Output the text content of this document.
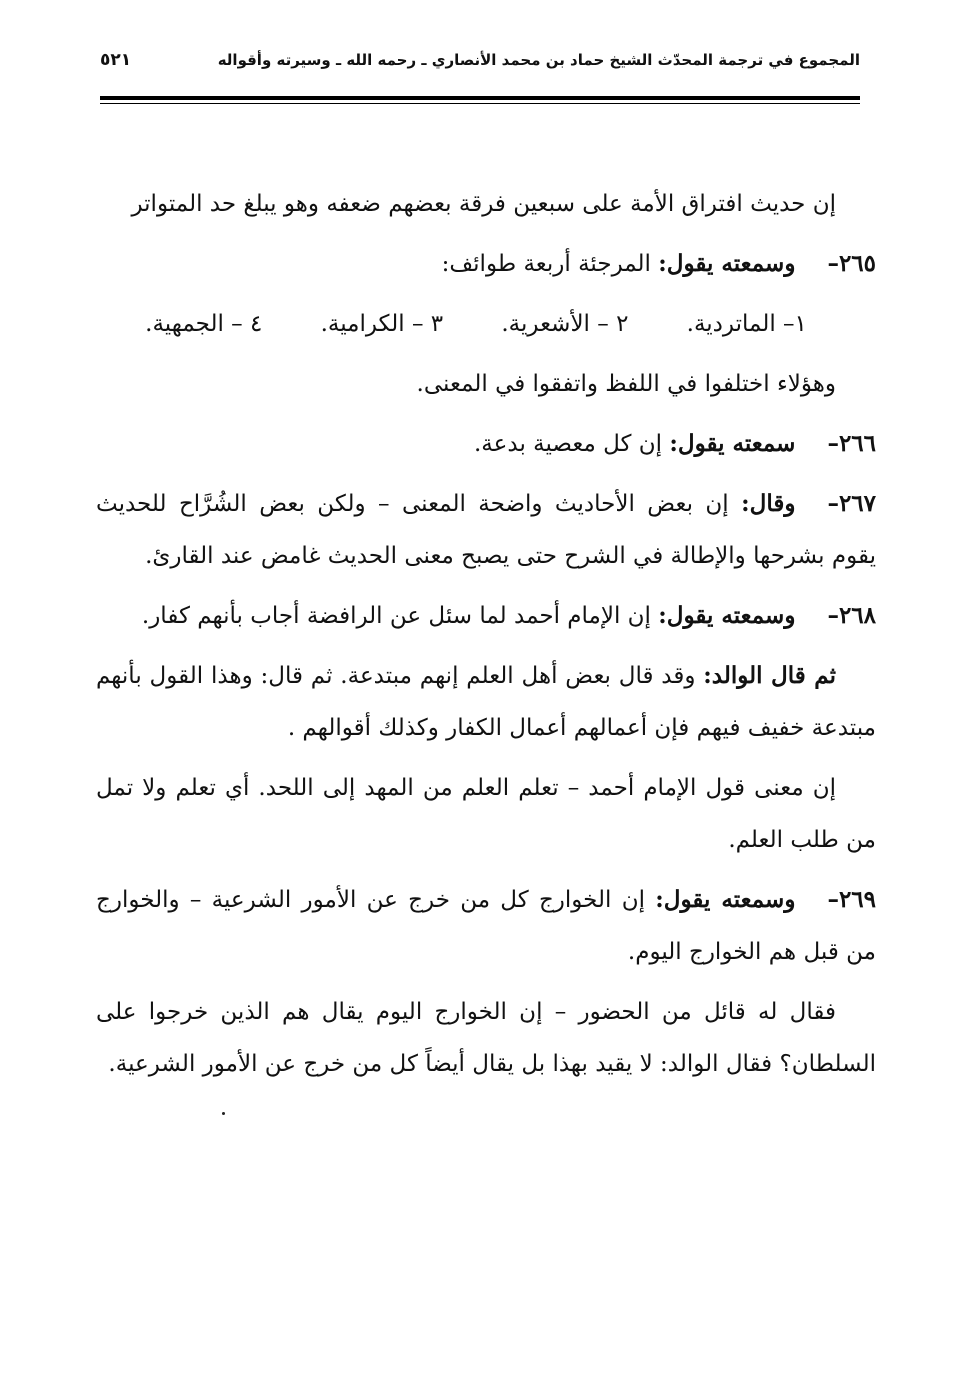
المجموع في ترجمة المحدّث الشيخ حماد بن محمد الأنصاري ـ رحمه الله ـ وسيرته وأقواله
٥٢١

إن حديث افتراق الأمة على سبعين فرقة بعضهم ضعفه وهو يبلغ حد المتواتر

٢٦٥–وسمعته يقول: المرجئة أربعة طوائف:

١– الماتردية.
٢ – الأشعرية.
٣ – الكرامية.
٤ – الجمهية.

وهؤلاء اختلفوا في اللفظ واتفقوا في المعنى.

٢٦٦–سمعته يقول: إن كل معصية بدعة.

٢٦٧–وقال: إن بعض الأحاديث واضحة المعنى – ولكن بعض الشُرَّاح للحديث يقوم بشرحها والإطالة في الشرح حتى يصبح معنى الحديث غامض عند القارئ.

٢٦٨–وسمعته يقول: إن الإمام أحمد لما سئل عن الرافضة أجاب بأنهم كفار.

ثم قال الوالد: وقد قال بعض أهل العلم إنهم مبتدعة. ثم قال: وهذا القول بأنهم مبتدعة خفيف فيهم فإن أعمالهم أعمال الكفار وكذلك أقوالهم .

إن معنى قول الإمام أحمد – تعلم العلم من المهد إلى اللحد. أي تعلم ولا تمل من طلب العلم.

٢٦٩–وسمعته يقول: إن الخوارج كل من خرج عن الأمور الشرعية – والخوارج من قبل هم الخوارج اليوم.

فقال له قائل من الحضور – إن الخوارج اليوم يقال هم الذين خرجوا على السلطان؟ فقال الوالد: لا يقيد بهذا بل يقال أيضاً كل من خرج عن الأمور الشرعية.
